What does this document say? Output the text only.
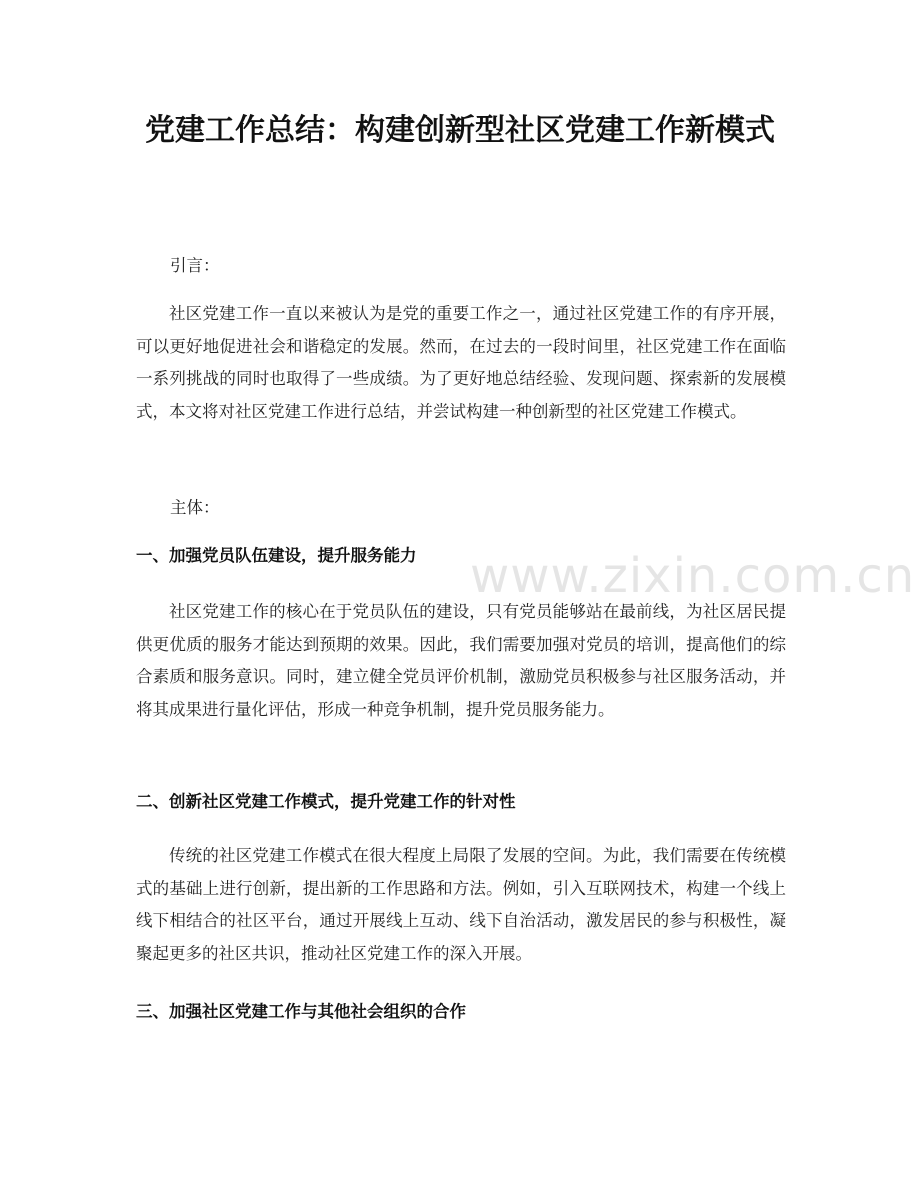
党建工作总结：构建创新型社区党建工作新模式

引言：

社区党建工作一直以来被认为是党的重要工作之一，通过社区党建工作的有序开展，可以更好地促进社会和谐稳定的发展。然而，在过去的一段时间里，社区党建工作在面临一系列挑战的同时也取得了一些成绩。为了更好地总结经验、发现问题、探索新的发展模式，本文将对社区党建工作进行总结，并尝试构建一种创新型的社区党建工作模式。

主体：

一、加强党员队伍建设，提升服务能力

社区党建工作的核心在于党员队伍的建设，只有党员能够站在最前线，为社区居民提供更优质的服务才能达到预期的效果。因此，我们需要加强对党员的培训，提高他们的综合素质和服务意识。同时，建立健全党员评价机制，激励党员积极参与社区服务活动，并将其成果进行量化评估，形成一种竞争机制，提升党员服务能力。

二、创新社区党建工作模式，提升党建工作的针对性

传统的社区党建工作模式在很大程度上局限了发展的空间。为此，我们需要在传统模式的基础上进行创新，提出新的工作思路和方法。例如，引入互联网技术，构建一个线上线下相结合的社区平台，通过开展线上互动、线下自治活动，激发居民的参与积极性，凝聚起更多的社区共识，推动社区党建工作的深入开展。

三、加强社区党建工作与其他社会组织的合作
www.zixin.com.cn
